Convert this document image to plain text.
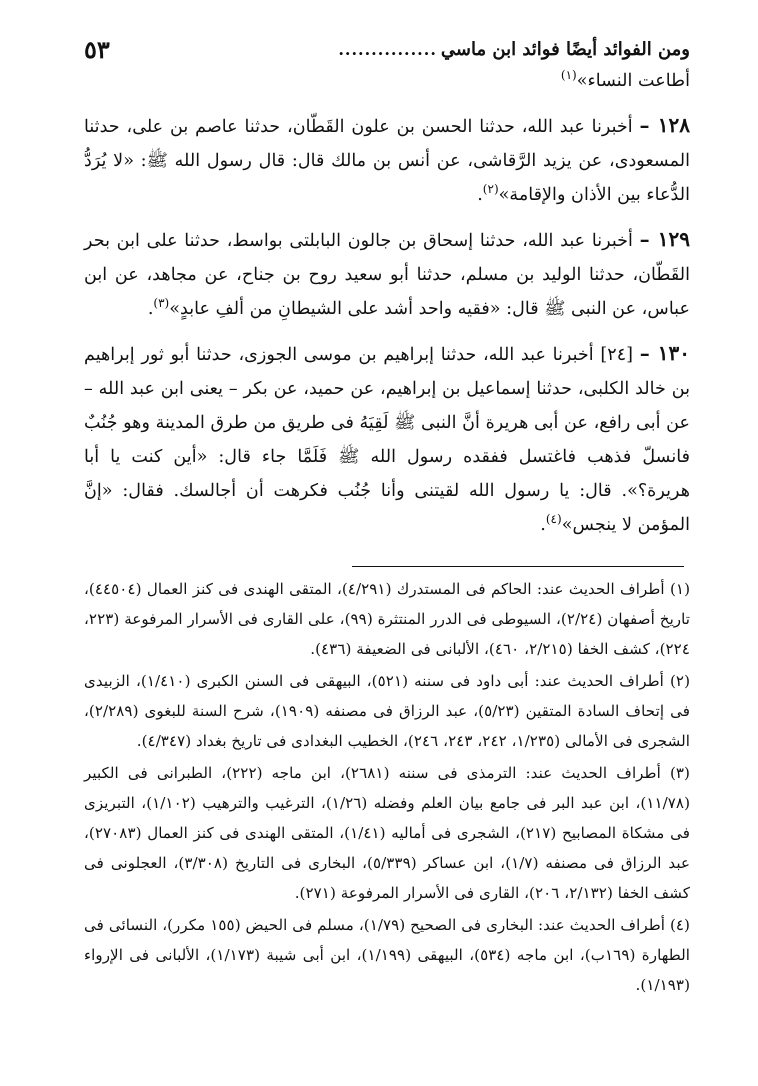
٥٣	............... ومن الفوائد أيضًا فوائد ابن ماسي

أطاعت النساء»$^{(١)}$

١٢٨ – أخبرنا عبد الله، حدثنا الحسن بن علون القَطّان، حدثنا عاصم بن على، حدثنا المسعودى، عن يزيد الرَّقاشى، عن أنس بن مالك قال: قال رسول الله ﷺ: «لا يُرَدُّ الدُّعاء بين الأذان والإقامة»$^{(٢)}$.

١٢٩ – أخبرنا عبد الله، حدثنا إسحاق بن جالون البابلتى بواسط، حدثنا على ابن بحر القَطّان، حدثنا الوليد بن مسلم، حدثنا أبو سعيد روح بن جناح، عن مجاهد، عن ابن عباس، عن النبى ﷺ قال: «فقيه واحد أشد على الشيطانِ من ألفِ عابدٍ»$^{(٣)}$.

١٣٠ – [٢٤] أخبرنا عبد الله، حدثنا إبراهيم بن موسى الجوزى، حدثنا أبو ثور إبراهيم بن خالد الكلبى، حدثنا إسماعيل بن إبراهيم، عن حميد، عن بكر – يعنى ابن عبد الله – عن أبى رافع، عن أبى هريرة أنَّ النبى ﷺ لَقِيَهُ فى طريق من طرق المدينة وهو جُنُبٌ فانسلّ فذهب فاغتسل ففقده رسول الله ﷺ فَلَمَّا جاء قال: «أين كنت يا أبا هريرة؟». قال: يا رسول الله لقيتنى وأنا جُنُب فكرهت أن أجالسك. فقال: «إنَّ المؤمن لا ينجس»$^{(٤)}$.

(١) أطراف الحديث عند: الحاكم فى المستدرك (٤/٢٩١)، المتقى الهندى فى كنز العمال (٤٤٥٠٤)، تاريخ أصفهان (٢/٢٤)، السيوطى فى الدرر المنتثرة (٩٩)، على القارى فى الأسرار المرفوعة (٢٢٣، ٢٢٤)، كشف الخفا (٢/٢١٥، ٤٦٠)، الألبانى فى الضعيفة (٤٣٦).

(٢) أطراف الحديث عند: أبى داود فى سننه (٥٢١)، البيهقى فى السنن الكبرى (١/٤١٠)، الزبيدى فى إتحاف السادة المتقين (٥/٢٣)، عبد الرزاق فى مصنفه (١٩٠٩)، شرح السنة للبغوى (٢/٢٨٩)، الشجرى فى الأمالى (١/٢٣٥، ٢٤٢، ٢٤٣، ٢٤٦)، الخطيب البغدادى فى تاريخ بغداد (٤/٣٤٧).

(٣) أطراف الحديث عند: الترمذى فى سننه (٢٦٨١)، ابن ماجه (٢٢٢)، الطبرانى فى الكبير (١١/٧٨)، ابن عبد البر فى جامع بيان العلم وفضله (١/٢٦)، الترغيب والترهيب (١/١٠٢)، التبريزى فى مشكاة المصابيح (٢١٧)، الشجرى فى أماليه (١/٤١)، المتقى الهندى فى كنز العمال (٢٧٠٨٣)، عبد الرزاق فى مصنفه (١/٧)، ابن عساكر (٥/٣٣٩)، البخارى فى التاريخ (٣/٣٠٨)، العجلونى فى كشف الخفا (٢/١٣٢، ٢٠٦)، القارى فى الأسرار المرفوعة (٢٧١).

(٤) أطراف الحديث عند: البخارى فى الصحيح (١/٧٩)، مسلم فى الحيض (١٥٥ مكرر)، النسائى فى الطهارة (١٦٩ب)، ابن ماجه (٥٣٤)، البيهقى (١/١٩٩)، ابن أبى شيبة (١/١٧٣)، الألبانى فى الإرواء (١/١٩٣).
